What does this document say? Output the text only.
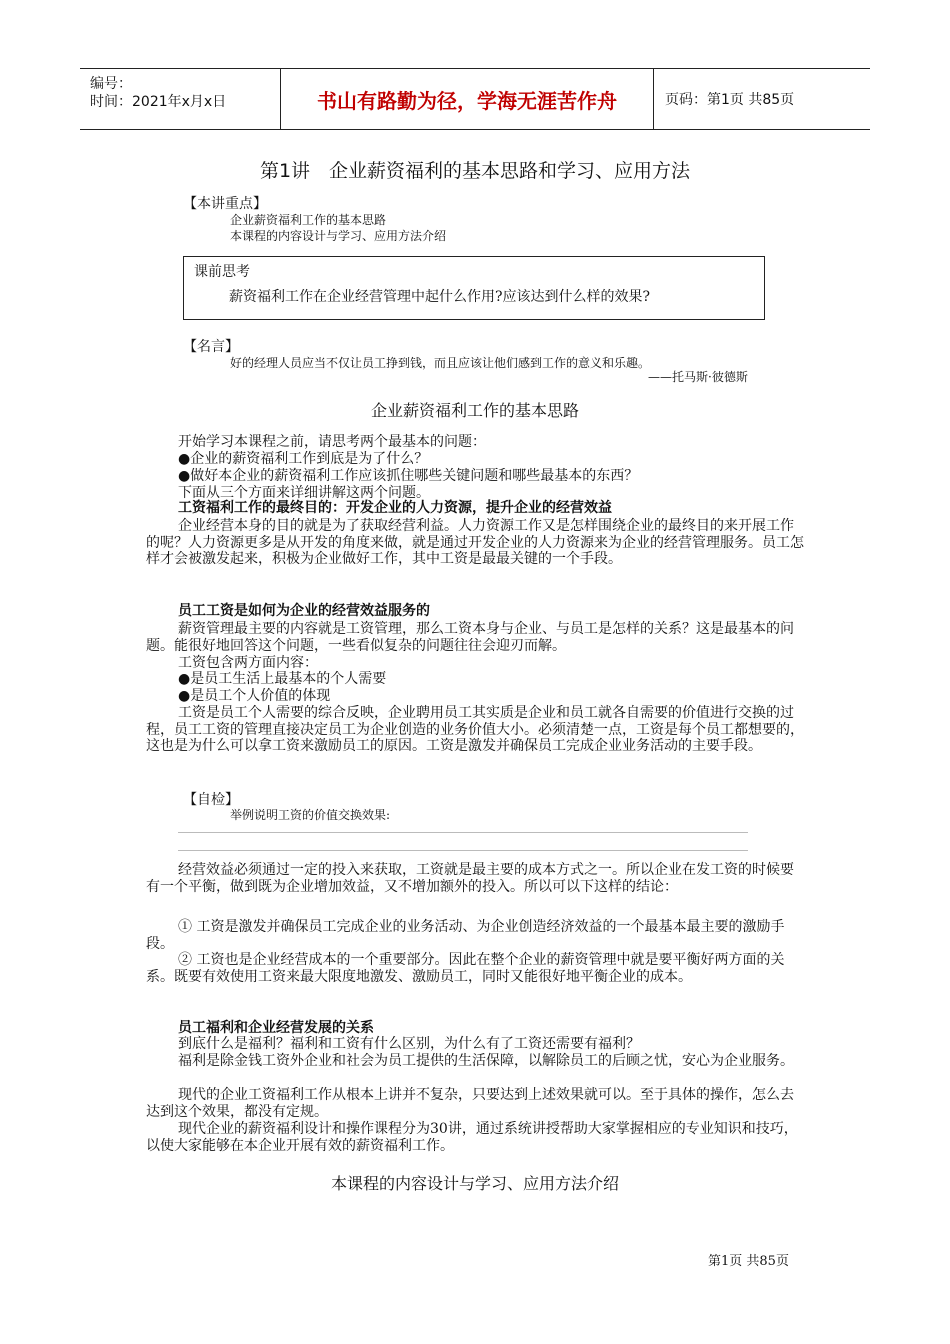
编号：
时间：2021年x月x日	书山有路勤为径，学海无涯苦作舟	页码：第1页 共85页
第1讲　企业薪资福利的基本思路和学习、应用方法
【本讲重点】
企业薪资福利工作的基本思路
本课程的内容设计与学习、应用方法介绍
课前思考
薪资福利工作在企业经营管理中起什么作用?应该达到什么样的效果?
【名言】
好的经理人员应当不仅让员工挣到钱，而且应该让他们感到工作的意义和乐趣。
——托马斯·彼德斯
企业薪资福利工作的基本思路
开始学习本课程之前，请思考两个最基本的问题：
●企业的薪资福利工作到底是为了什么？
●做好本企业的薪资福利工作应该抓住哪些关键问题和哪些最基本的东西？
下面从三个方面来详细讲解这两个问题。
工资福利工作的最终目的：开发企业的人力资源，提升企业的经营效益
企业经营本身的目的就是为了获取经营利益。人力资源工作又是怎样围绕企业的最终目的来开展工作的呢？人力资源更多是从开发的角度来做，就是通过开发企业的人力资源来为企业的经营管理服务。员工怎样才会被激发起来，积极为企业做好工作，其中工资是最最关键的一个手段。
员工工资是如何为企业的经营效益服务的
薪资管理最主要的内容就是工资管理，那么工资本身与企业、与员工是怎样的关系？这是最基本的问题。能很好地回答这个问题，一些看似复杂的问题往往会迎刃而解。
工资包含两方面内容：
●是员工生活上最基本的个人需要
●是员工个人价值的体现
工资是员工个人需要的综合反映，企业聘用员工其实质是企业和员工就各自需要的价值进行交换的过程，员工工资的管理直接决定员工为企业创造的业务价值大小。必须清楚一点，工资是每个员工都想要的，这也是为什么可以拿工资来激励员工的原因。工资是激发并确保员工完成企业业务活动的主要手段。
【自检】
举例说明工资的价值交换效果:
经营效益必须通过一定的投入来获取，工资就是最主要的成本方式之一。所以企业在发工资的时候要有一个平衡，做到既为企业增加效益，又不增加额外的投入。所以可以下这样的结论：
① 工资是激发并确保员工完成企业的业务活动、为企业创造经济效益的一个最基本最主要的激励手段。
② 工资也是企业经营成本的一个重要部分。因此在整个企业的薪资管理中就是要平衡好两方面的关系。既要有效使用工资来最大限度地激发、激励员工，同时又能很好地平衡企业的成本。
员工福利和企业经营发展的关系
到底什么是福利？福利和工资有什么区别，为什么有了工资还需要有福利？
福利是除金钱工资外企业和社会为员工提供的生活保障，以解除员工的后顾之忧，安心为企业服务。
现代的企业工资福利工作从根本上讲并不复杂，只要达到上述效果就可以。至于具体的操作，怎么去达到这个效果，都没有定规。
现代企业的薪资福利设计和操作课程分为30讲，通过系统讲授帮助大家掌握相应的专业知识和技巧，以使大家能够在本企业开展有效的薪资福利工作。
本课程的内容设计与学习、应用方法介绍
第1页 共85页
